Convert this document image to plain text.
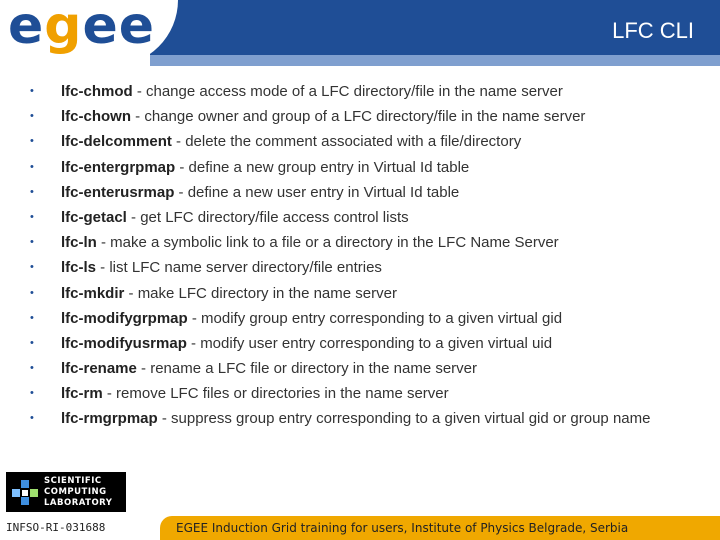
egee	LFC CLI
• lfc-chmod - change access mode of a LFC directory/file in the name server
• lfc-chown - change owner and group of a LFC directory/file in the name server
• lfc-delcomment - delete the comment associated with a file/directory
• lfc-entergrpmap - define a new group entry in Virtual Id table
• lfc-enterusrmap - define a new user entry in Virtual Id table
• lfc-getacl - get LFC directory/file access control lists
• lfc-ln - make a symbolic link to a file or a directory in the LFC Name Server
• lfc-ls - list LFC name server directory/file entries
• lfc-mkdir - make LFC directory in the name server
• lfc-modifygrpmap - modify group entry corresponding to a given virtual gid
• lfc-modifyusrmap - modify user entry corresponding to a given virtual uid
• lfc-rename - rename a LFC file or directory in the name server
• lfc-rm - remove LFC files or directories in the name server
• lfc-rmgrpmap - suppress group entry corresponding to a given virtual gid or group name
SCIENTIFIC
COMPUTING
LABORATORY
INFSO-RI-031688	EGEE Induction Grid training for users, Institute of Physics Belgrade, Serbia
